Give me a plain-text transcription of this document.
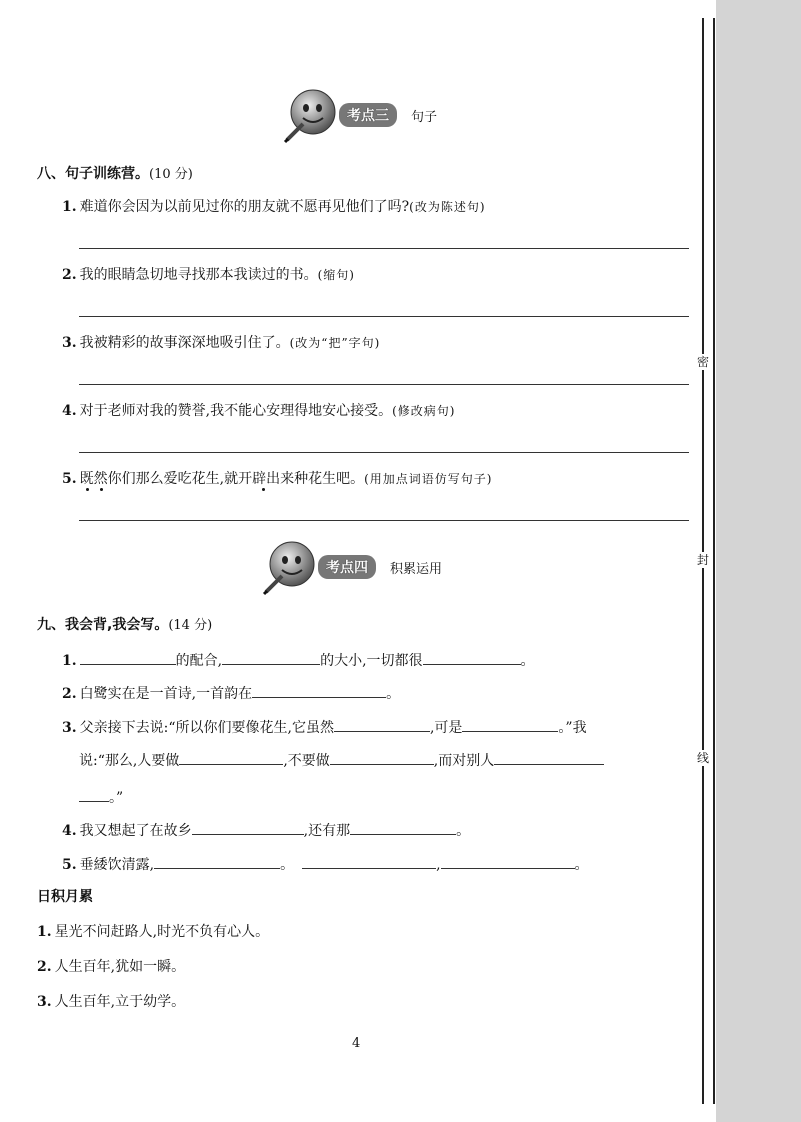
密
封
线
考点三	句子
八、句子训练营。(10 分)
1. 难道你会因为以前见过你的朋友就不愿再见他们了吗?(改为陈述句)
2. 我的眼睛急切地寻找那本我读过的书。(缩句)
3. 我被精彩的故事深深地吸引住了。(改为“把”字句)
4. 对于老师对我的赞誉,我不能心安理得地安心接受。(修改病句)
5. 既然你们那么爱吃花生,就开辟出来种花生吧。(用加点词语仿写句子)
考点四	积累运用
九、我会背,我会写。(14 分)
1.	的配合,	的大小,一切都很	。
2. 白鹭实在是一首诗,一首韵在	。
3. 父亲接下去说:“所以你们要像花生,它虽然	,可是	。”我
说:“那么,人要做	,不要做	,而对别人
。”
4. 我又想起了在故乡	,还有那	。
5. 垂緌饮清露,	。	,	。
日积月累
1. 星光不问赶路人,时光不负有心人。
2. 人生百年,犹如一瞬。
3. 人生百年,立于幼学。
4
